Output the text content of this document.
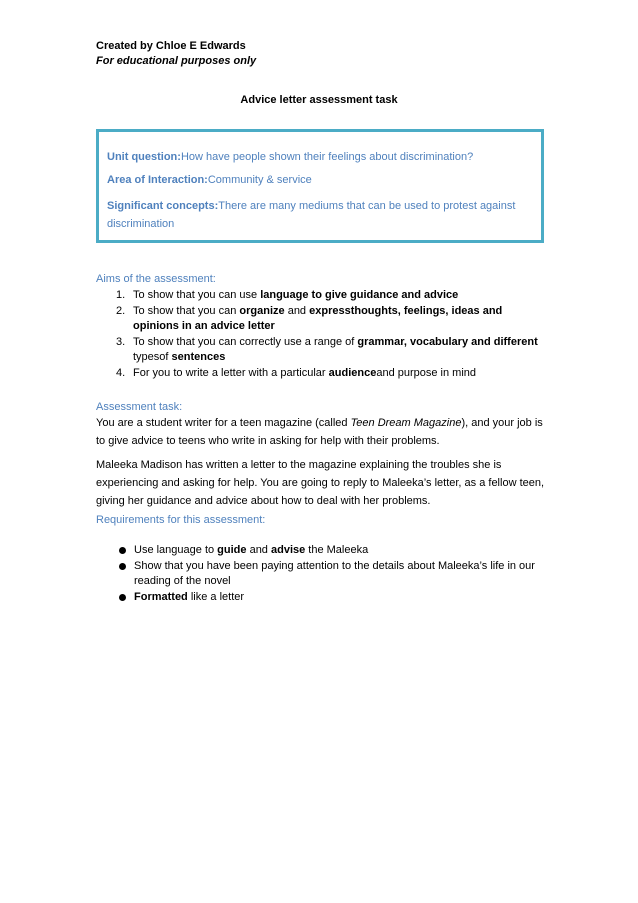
Created by Chloe E Edwards
For educational purposes only
Advice letter assessment task
Unit question:How have people shown their feelings about discrimination?
Area of Interaction:Community & service
Significant concepts:There are many mediums that can be used to protest against
discrimination
Aims of the assessment:
1. To show that you can use language to give guidance and advice
2. To show that you can organize and expressthoughts, feelings, ideas and opinions in an advice letter
3. To show that you can correctly use a range of grammar, vocabulary and different typesof sentences
4. For you to write a letter with a particular audienceand purpose in mind
Assessment task:
You are a student writer for a teen magazine (called Teen Dream Magazine), and your job is to give advice to teens who write in asking for help with their problems.
Maleeka Madison has written a letter to the magazine explaining the troubles she is experiencing and asking for help. You are going to reply to Maleeka’s letter, as a fellow teen, giving her guidance and advice about how to deal with her problems.
Requirements for this assessment:
Use language to guide and advise the Maleeka
Show that you have been paying attention to the details about Maleeka’s life in our reading of the novel
Formatted like a letter
